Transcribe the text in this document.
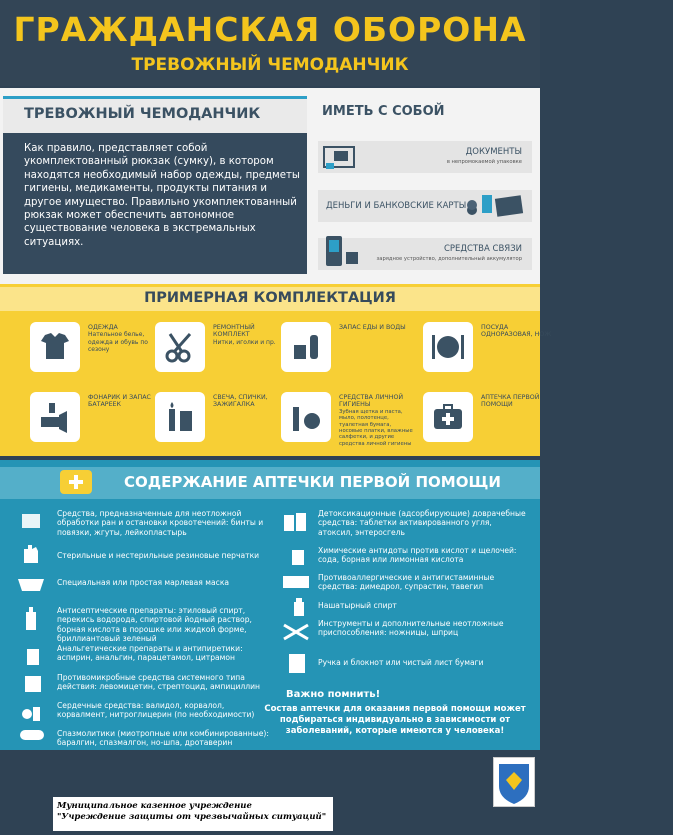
ГРАЖДАНСКАЯ ОБОРОНА
ТРЕВОЖНЫЙ ЧЕМОДАНЧИК
ТРЕВОЖНЫЙ ЧЕМОДАНЧИК
Как правило, представляет собой укомплектованный рюкзак (сумку), в котором находятся необходимый набор одежды, предметы гигиены, медикаменты, продукты питания и другое имущество. Правильно укомплектованный рюкзак может обеспечить автономное существование человека в экстремальных ситуациях.
ИМЕТЬ С СОБОЙ
ДОКУМЕНТЫ
в непромокаемой упаковке
ДЕНЬГИ И БАНКОВСКИЕ КАРТЫ
СРЕДСТВА СВЯЗИ
зарядное устройство, дополнительный аккумулятор
ПРИМЕРНАЯ КОМПЛЕКТАЦИЯ
ОДЕЖДА
Нательное белье, одежда и обувь по сезону
РЕМОНТНЫЙ КОМПЛЕКТ
Нитки, иголки и пр.
ЗАПАС ЕДЫ И ВОДЫ	ПОСУДА ОДНОРАЗОВАЯ, НОЖ
ФОНАРИК И ЗАПАС БАТАРЕЕК
СВЕЧА, СПИЧКИ, ЗАЖИГАЛКА
СРЕДСТВА ЛИЧНОЙ ГИГИЕНЫ
Зубная щетка и паста, мыло, полотенце, туалетная бумага, носовые платки, влажные салфетки, и другие средства личной гигиены
АПТЕЧКА ПЕРВОЙ ПОМОЩИ
СОДЕРЖАНИЕ АПТЕЧКИ ПЕРВОЙ ПОМОЩИ
Средства, предназначенные для неотложной обработки ран и остановки кровотечений: бинты и повязки, жгуты, лейкопластырь
Стерильные и нестерильные резиновые перчатки
Специальная или простая марлевая маска
Антисептические препараты: этиловый спирт, перекись водорода, спиртовой йодный раствор, борная кислота в порошке или жидкой форме, бриллиантовый зеленый
Анальгетические препараты и антипиретики: аспирин, анальгин, парацетамол, цитрамон
Противомикробные средства системного типа действия: левомицетин, стрептоцид, ампициллин
Сердечные средства: валидол, корвалол, корвалмент, нитроглицерин (по необходимости)
Спазмолитики (миотропные или комбинированные): баралгин, спазмалгон, но-шпа, дротаверин
Детоксикационные (адсорбирующие) доврачебные средства: таблетки активированного угля, атоксил, энтеросгель
Химические антидоты против кислот и щелочей: сода, борная или лимонная кислота
Противоаллергические и антигистаминные средства: димедрол, супрастин, тавегил
Нашатырный спирт
Инструменты и дополнительные неотложные приспособления: ножницы, шприц
Ручка и блокнот или чистый лист бумаги
Важно помнить!
Состав аптечки для оказания первой помощи может подбираться индивидуально в зависимости от заболеваний, которые имеются у человека!
Муниципальное казенное учреждение
"Учреждение защиты от чрезвычайных ситуаций"
